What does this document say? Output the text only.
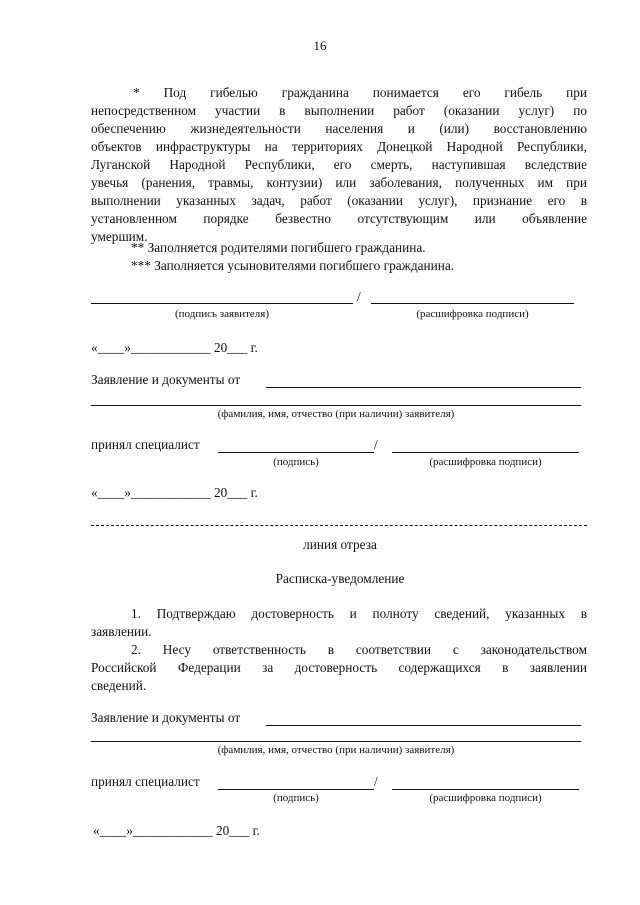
16
* Под гибелью гражданина понимается его гибель при
непосредственном участии в выполнении работ (оказании услуг) по
обеспечению жизнедеятельности населения и (или) восстановлению
объектов инфраструктуры на территориях Донецкой Народной Республики,
Луганской Народной Республики, его смерть, наступившая вследствие
увечья (ранения, травмы, контузии) или заболевания, полученных им при
выполнении указанных задач, работ (оказании услуг), признание его в
установленном порядке безвестно отсутствующим или объявление
умершим.
** Заполняется родителями погибшего гражданина.
*** Заполняется усыновителями погибшего гражданина.
/
(подпись заявителя)	(расшифровка подписи)
«____»____________ 20___ г.
Заявление и документы от
(фамилия, имя, отчество (при наличии) заявителя)
принял специалист	/
(подпись)	(расшифровка подписи)
«____»____________ 20___ г.
линия отреза
Расписка-уведомление
1. Подтверждаю достоверность и полноту сведений, указанных в
заявлении.
2. Несу ответственность в соответствии с законодательством
Российской Федерации за достоверность содержащихся в заявлении
сведений.
Заявление и документы от
(фамилия, имя, отчество (при наличии) заявителя)
принял специалист	/
(подпись)	(расшифровка подписи)
«____»____________ 20___ г.
